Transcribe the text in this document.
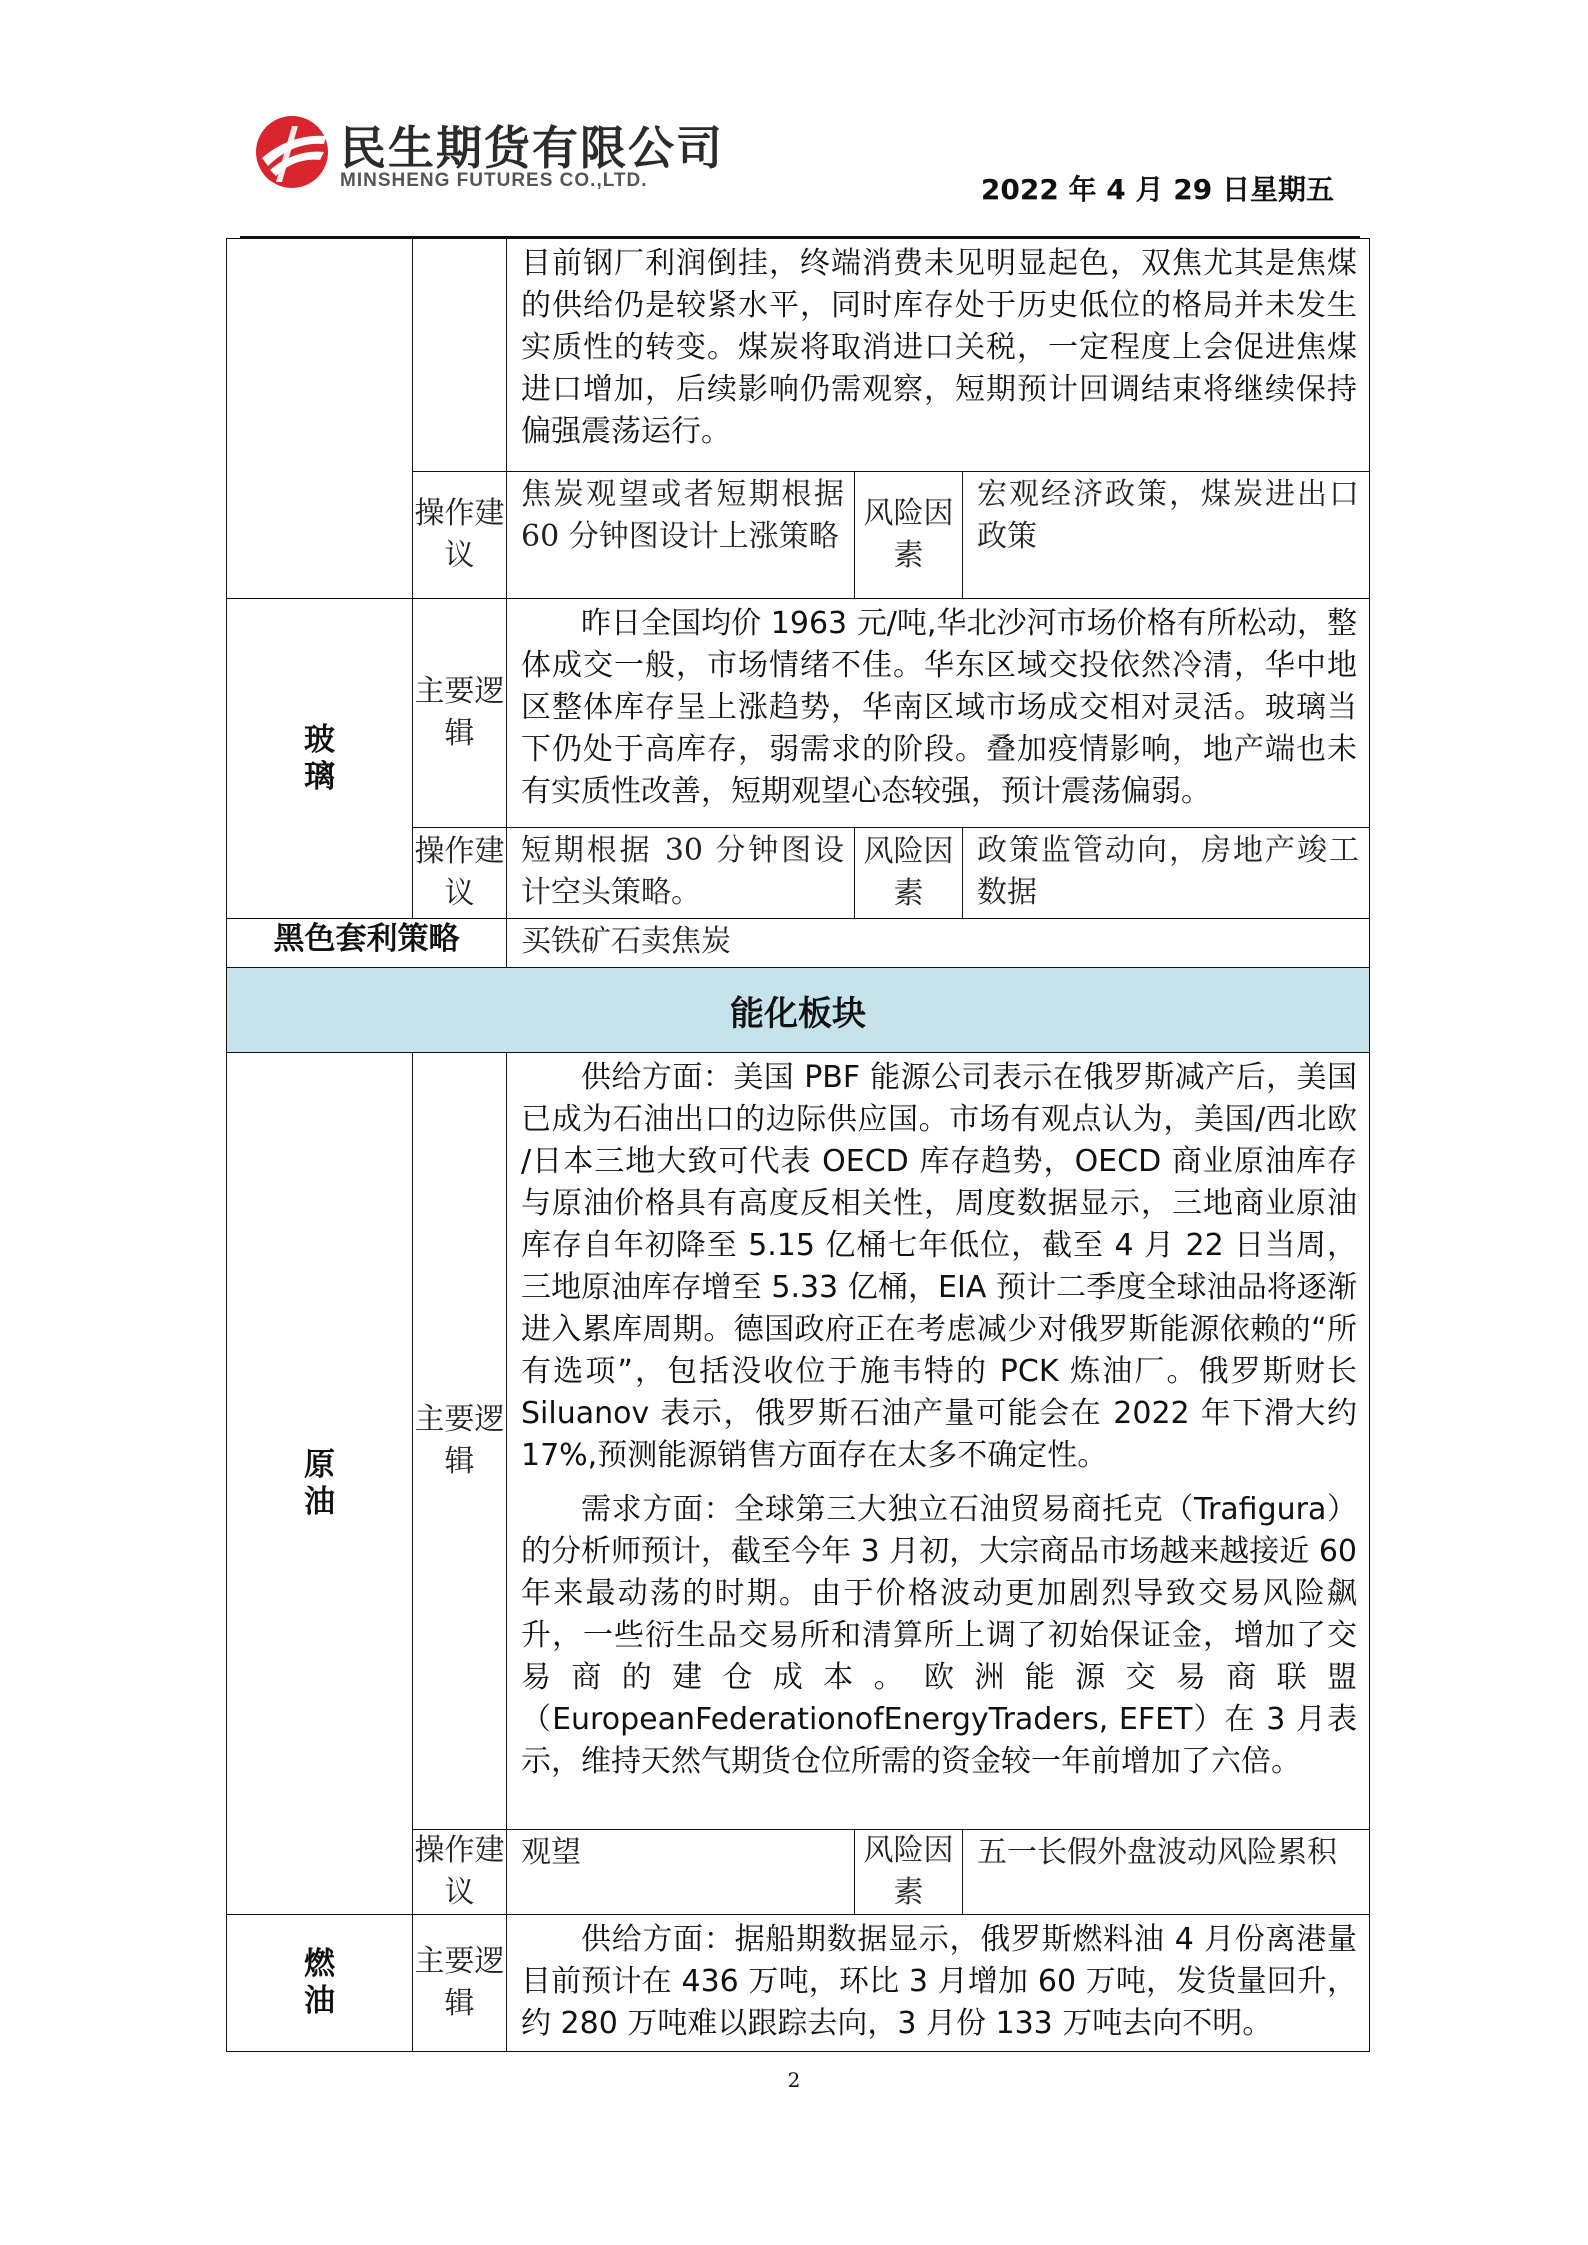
民生期货有限公司
MINSHENG FUTURES CO.,LTD.	2022 年 4 月 29 日星期五

		目前钢厂利润倒挂，终端消费未见明显起色，双焦尤其是焦煤的供给仍是较紧水平，同时库存处于历史低位的格局并未发生实质性的转变。煤炭将取消进口关税，一定程度上会促进焦煤进口增加，后续影响仍需观察，短期预计回调结束将继续保持偏强震荡运行。		

	操作建议	焦炭观望或者短期根据 60 分钟图设计上涨策略	风险因素	宏观经济政策，煤炭进出口政策

玻璃	主要逻辑	昨日全国均价 1963 元/吨,华北沙河市场价格有所松动，整体成交一般，市场情绪不佳。华东区域交投依然冷清，华中地区整体库存呈上涨趋势，华南区域市场成交相对灵活。玻璃当下仍处于高库存，弱需求的阶段。叠加疫情影响，地产端也未有实质性改善，短期观望心态较强，预计震荡偏弱。		

	操作建议	短期根据 30 分钟图设计空头策略。	风险因素	政策监管动向，房地产竣工数据
黑色套利策略		买铁矿石卖焦炭		
能化板块				

原油	主要逻辑	供给方面：美国 PBF 能源公司表示在俄罗斯减产后，美国已成为石油出口的边际供应国。市场有观点认为，美国/西北欧 /日本三地大致可代表 OECD 库存趋势，OECD 商业原油库存与原油价格具有高度反相关性，周度数据显示，三地商业原油库存自年初降至 5.15 亿桶七年低位，截至 4 月 22 日当周，三地原油库存增至 5.33 亿桶，EIA 预计二季度全球油品将逐渐进入累库周期。德国政府正在考虑减少对俄罗斯能源依赖的“所有选项”，包括没收位于施韦特的 PCK 炼油厂。俄罗斯财长 Siluanov 表示，俄罗斯石油产量可能会在 2022 年下滑大约 17%,预测能源销售方面存在太多不确定性。

需求方面：全球第三大独立石油贸易商托克（Trafigura）的分析师预计，截至今年 3 月初，大宗商品市场越来越接近 60 年来最动荡的时期。由于价格波动更加剧烈导致交易风险飙升，一些衍生品交易所和清算所上调了初始保证金，增加了交易商的建仓成本。欧洲能源交易商联盟（EuropeanFederationofEnergyTraders, EFET）在 3 月表示，维持天然气期货仓位所需的资金较一年前增加了六倍。		

	操作建议	观望	风险因素	五一长假外盘波动风险累积

燃油	主要逻辑	供给方面：据船期数据显示，俄罗斯燃料油 4 月份离港量目前预计在 436 万吨，环比 3 月增加 60 万吨，发货量回升，约 280 万吨难以跟踪去向，3 月份 133 万吨去向不明。		

2
